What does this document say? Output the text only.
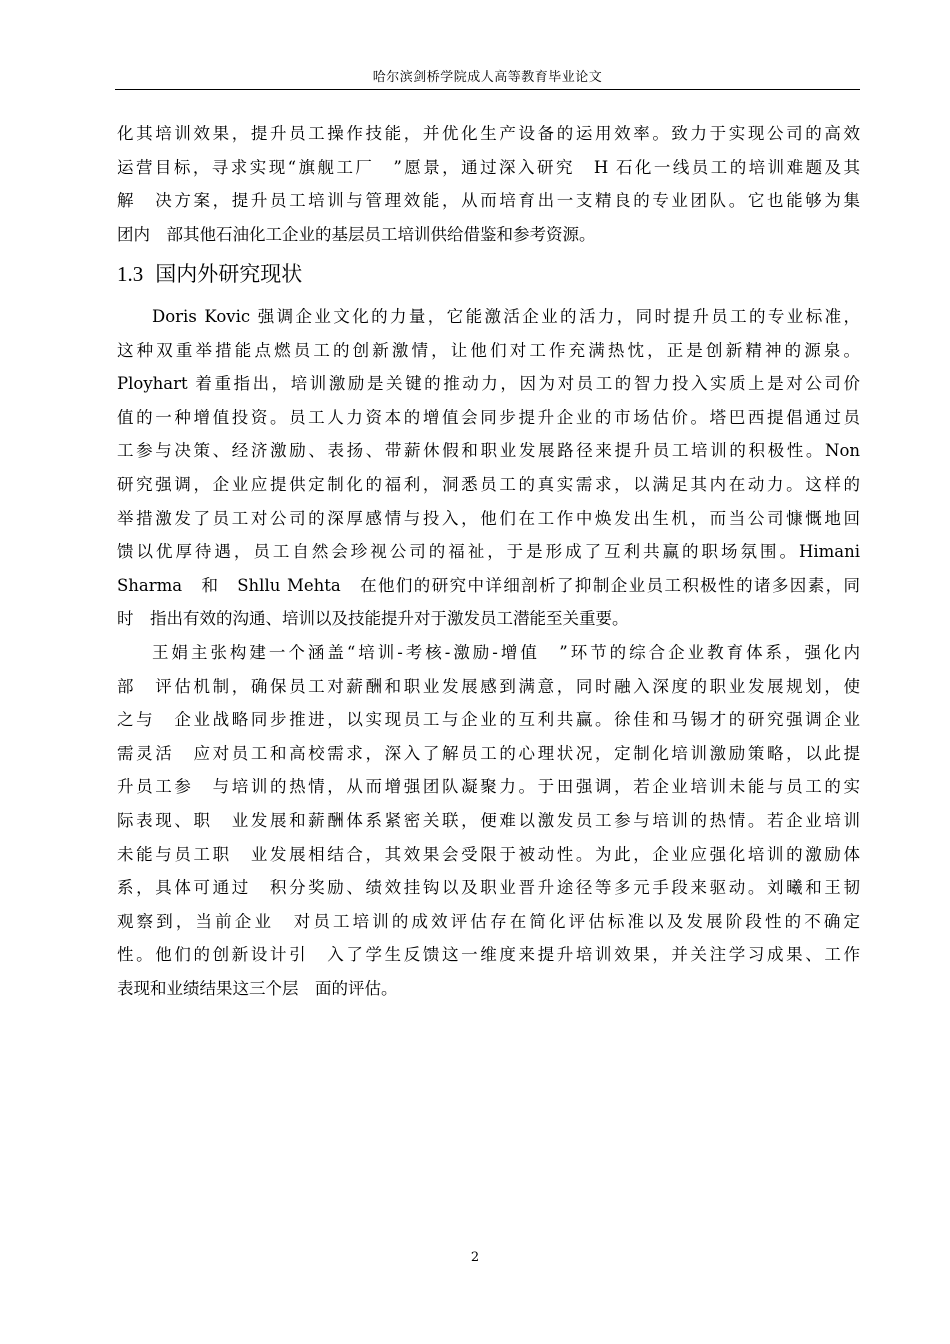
哈尔滨剑桥学院成人高等教育毕业论文
化其培训效果，提升员工操作技能，并优化生产设备的运用效率。致力于实现公司的高效
运营目标，寻求实现“旗舰工厂　”愿景，通过深入研究　H 石化一线员工的培训难题及其
解　决方案，提升员工培训与管理效能，从而培育出一支精良的专业团队。它也能够为集
团内　部其他石油化工企业的基层员工培训供给借鉴和参考资源。
1.3 国内外研究现状
Doris Kovic 强调企业文化的力量，它能激活企业的活力，同时提升员工的专业标准，
这种双重举措能点燃员工的创新激情，让他们对工作充满热忱，正是创新精神的源泉。
Ployhart 着重指出，培训激励是关键的推动力，因为对员工的智力投入实质上是对公司价
值的一种增值投资。员工人力资本的增值会同步提升企业的市场估价。塔巴西提倡通过员
工参与决策、经济激励、表扬、带薪休假和职业发展路径来提升员工培训的积极性。Non
研究强调，企业应提供定制化的福利，洞悉员工的真实需求，以满足其内在动力。这样的
举措激发了员工对公司的深厚感情与投入，他们在工作中焕发出生机，而当公司慷慨地回
馈以优厚待遇，员工自然会珍视公司的福祉，于是形成了互利共赢的职场氛围。Himani
Sharma　和　Shllu Mehta　在他们的研究中详细剖析了抑制企业员工积极性的诸多因素，同
时　指出有效的沟通、培训以及技能提升对于激发员工潜能至关重要。
王娟主张构建一个涵盖“培训-考核-激励-增值　”环节的综合企业教育体系，强化内
部　评估机制，确保员工对薪酬和职业发展感到满意，同时融入深度的职业发展规划，使
之与　企业战略同步推进，以实现员工与企业的互利共赢。徐佳和马锡才的研究强调企业
需灵活　应对员工和高校需求，深入了解员工的心理状况，定制化培训激励策略，以此提
升员工参　与培训的热情，从而增强团队凝聚力。于田强调，若企业培训未能与员工的实
际表现、职　业发展和薪酬体系紧密关联，便难以激发员工参与培训的热情。若企业培训
未能与员工职　业发展相结合，其效果会受限于被动性。为此，企业应强化培训的激励体
系，具体可通过　积分奖励、绩效挂钩以及职业晋升途径等多元手段来驱动。刘曦和王韧
观察到，当前企业　对员工培训的成效评估存在简化评估标准以及发展阶段性的不确定
性。他们的创新设计引　入了学生反馈这一维度来提升培训效果，并关注学习成果、工作
表现和业绩结果这三个层　面的评估。
2
